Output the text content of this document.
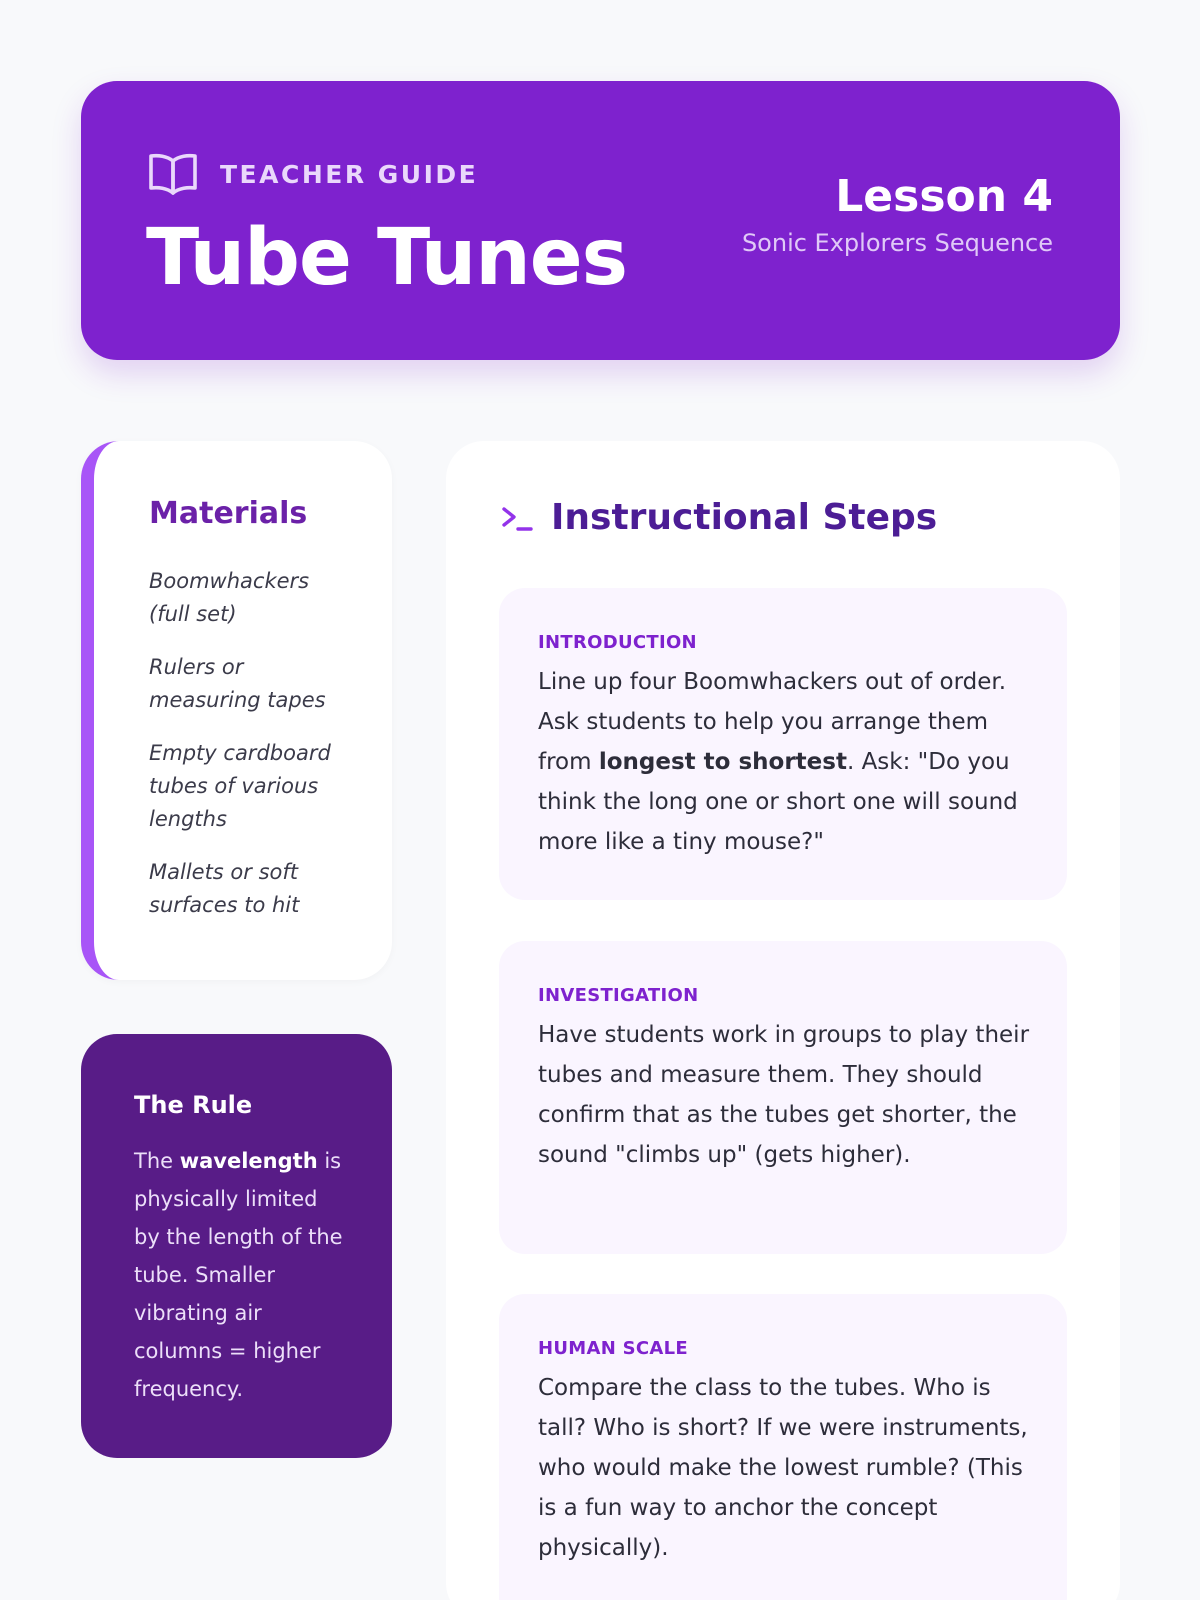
TEACHER GUIDE
Tube Tunes
Lesson 4
Sonic Explorers Sequence
Materials
Boomwhackers (full set)
Rulers or measuring tapes
Empty cardboard tubes of various lengths
Mallets or soft surfaces to hit
The Rule

The wavelength is physically limited by the length of the tube. Smaller vibrating air columns = higher frequency.

Instructional Steps
INTRODUCTION

Line up four Boomwhackers out of order. Ask students to help you arrange them from longest to shortest. Ask: "Do you think the long one or short one will sound more like a tiny mouse?"

INVESTIGATION

Have students work in groups to play their tubes and measure them. They should confirm that as the tubes get shorter, the sound "climbs up" (gets higher).

HUMAN SCALE

Compare the class to the tubes. Who is tall? Who is short? If we were instruments, who would make the lowest rumble? (This is a fun way to anchor the concept physically).
